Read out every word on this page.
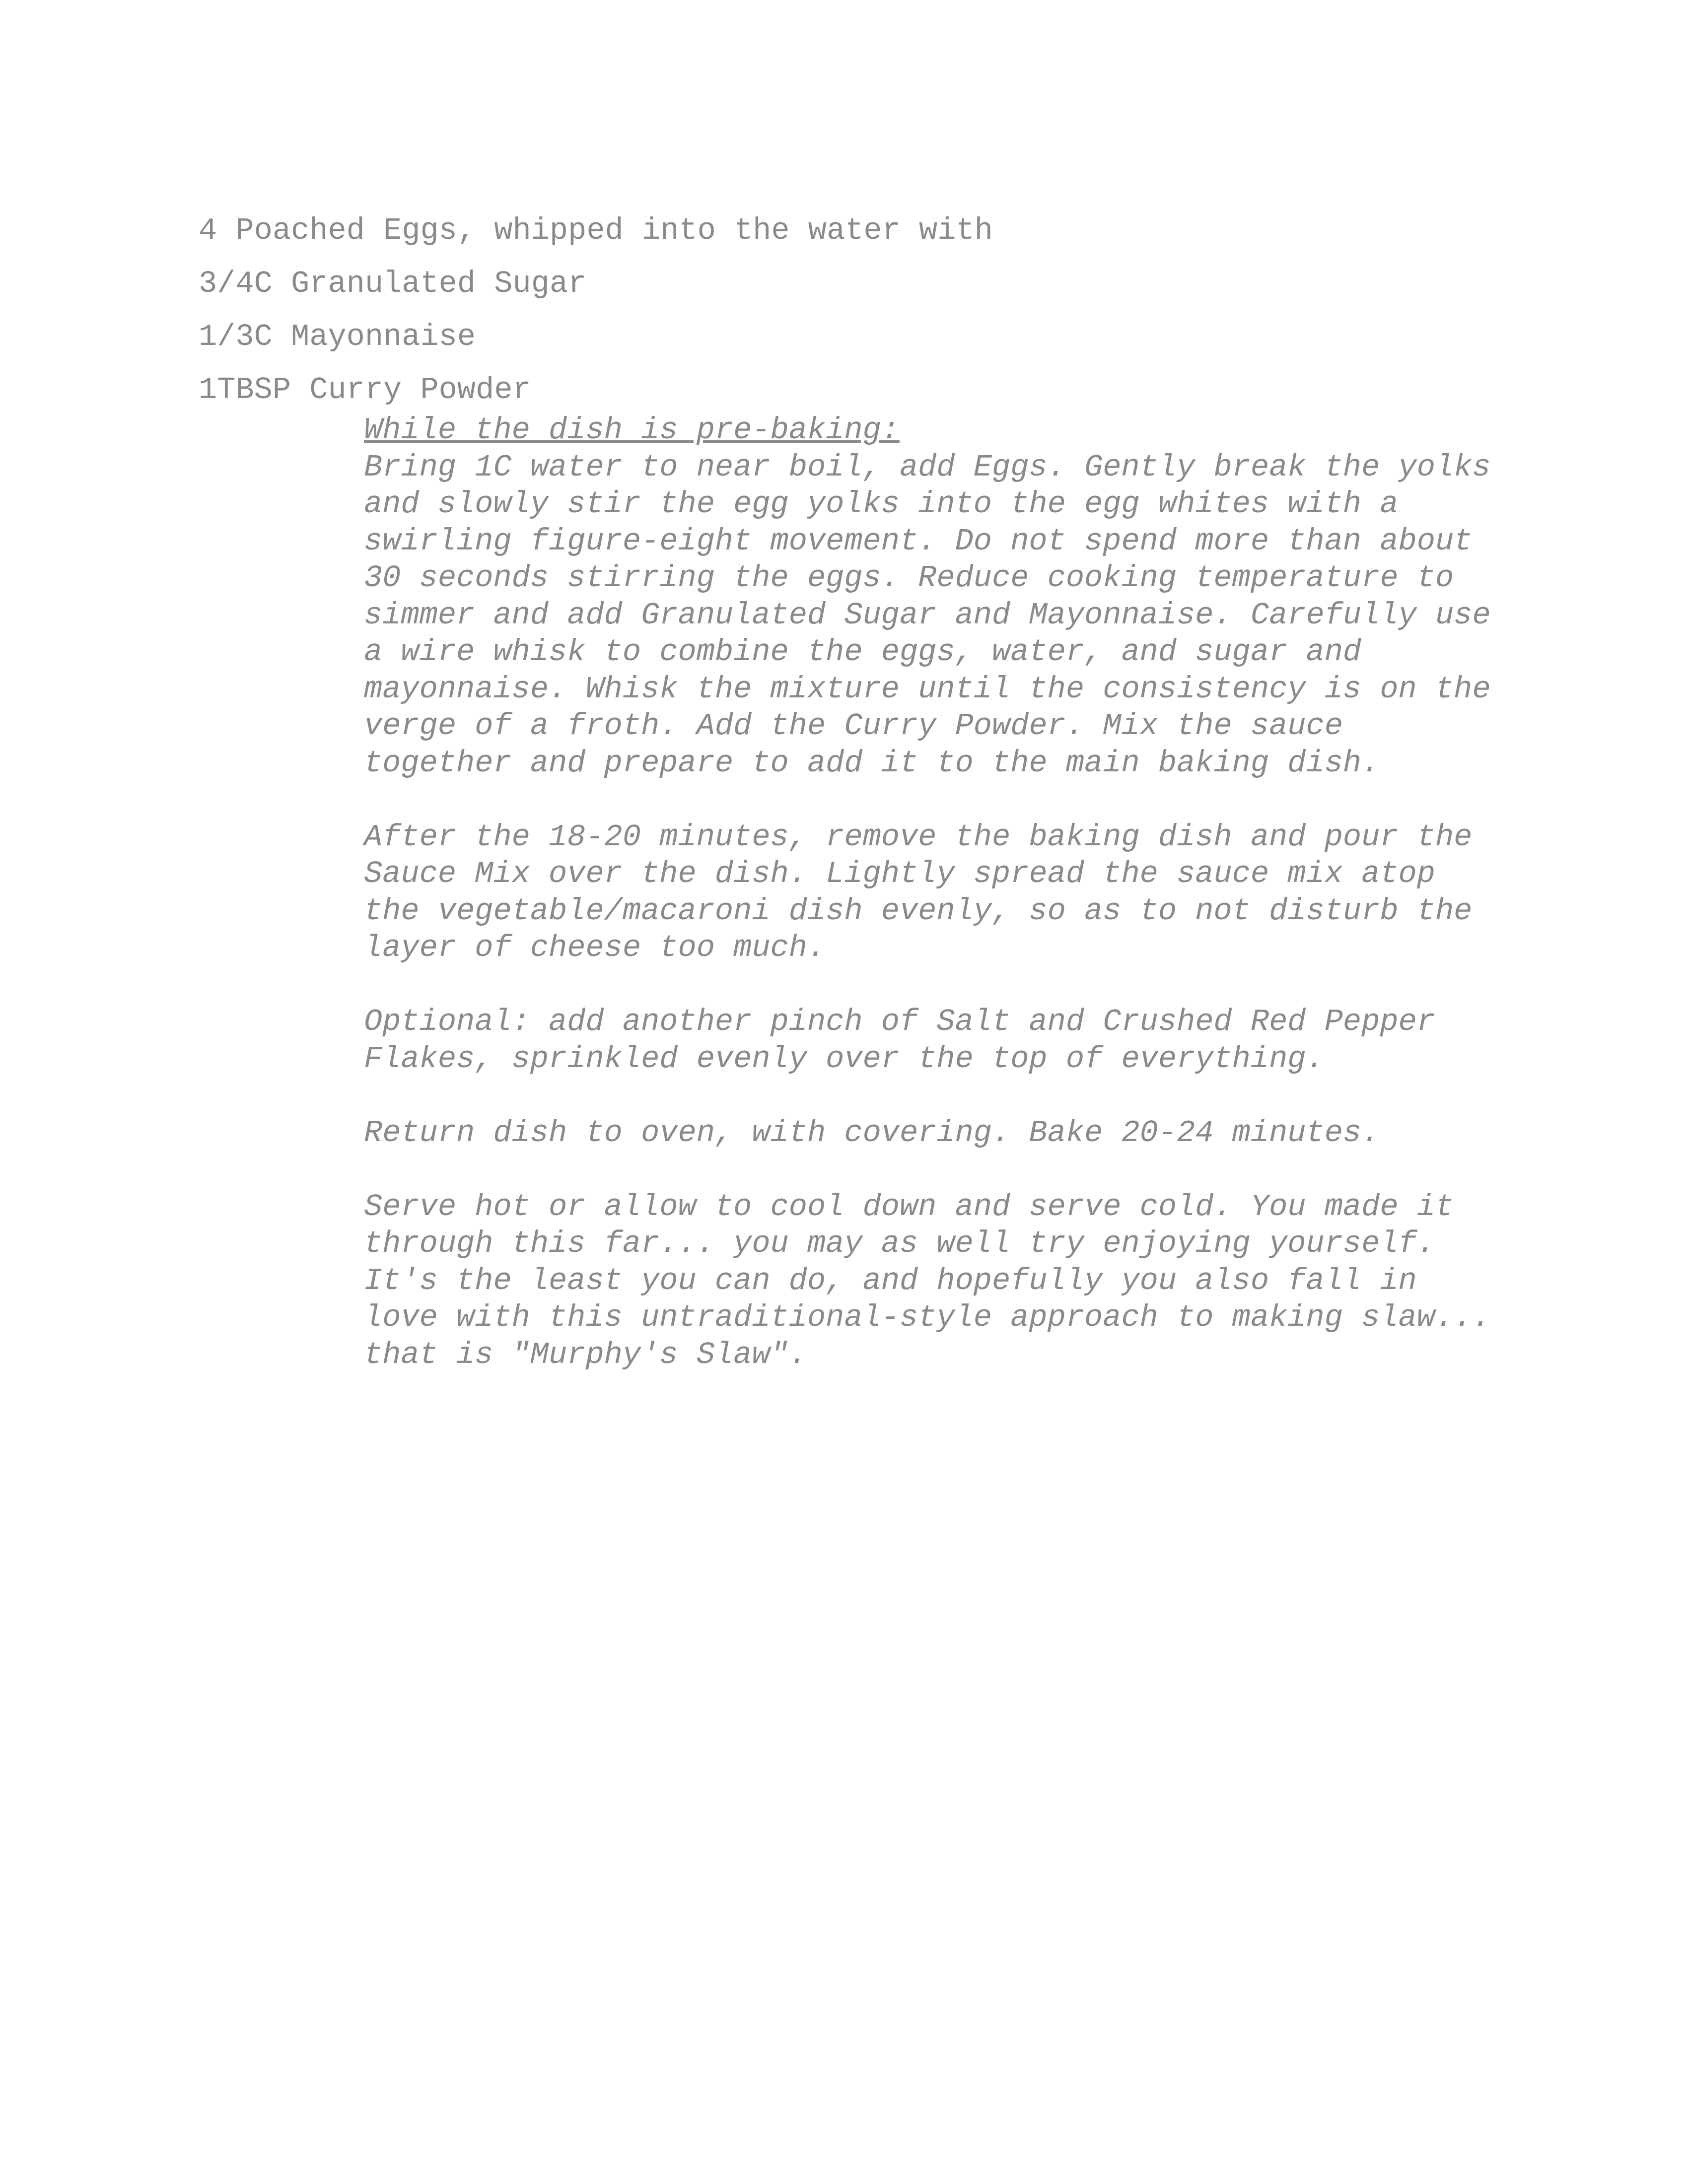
4 Poached Eggs, whipped into the water with
3/4C Granulated Sugar
1/3C Mayonnaise
1TBSP Curry Powder
While the dish is pre-baking:
Bring 1C water to near boil, add Eggs. Gently break the yolks
and slowly stir the egg yolks into the egg whites with a
swirling figure-eight movement. Do not spend more than about
30 seconds stirring the eggs. Reduce cooking temperature to
simmer and add Granulated Sugar and Mayonnaise. Carefully use
a wire whisk to combine the eggs, water, and sugar and
mayonnaise. Whisk the mixture until the consistency is on the
verge of a froth. Add the Curry Powder. Mix the sauce
together and prepare to add it to the main baking dish.
After the 18-20 minutes, remove the baking dish and pour the
Sauce Mix over the dish. Lightly spread the sauce mix atop
the vegetable/macaroni dish evenly, so as to not disturb the
layer of cheese too much.
Optional: add another pinch of Salt and Crushed Red Pepper
Flakes, sprinkled evenly over the top of everything.
Return dish to oven, with covering. Bake 20-24 minutes.
Serve hot or allow to cool down and serve cold. You made it
through this far... you may as well try enjoying yourself.
It's the least you can do, and hopefully you also fall in
love with this untraditional-style approach to making slaw...
that is "Murphy's Slaw".
